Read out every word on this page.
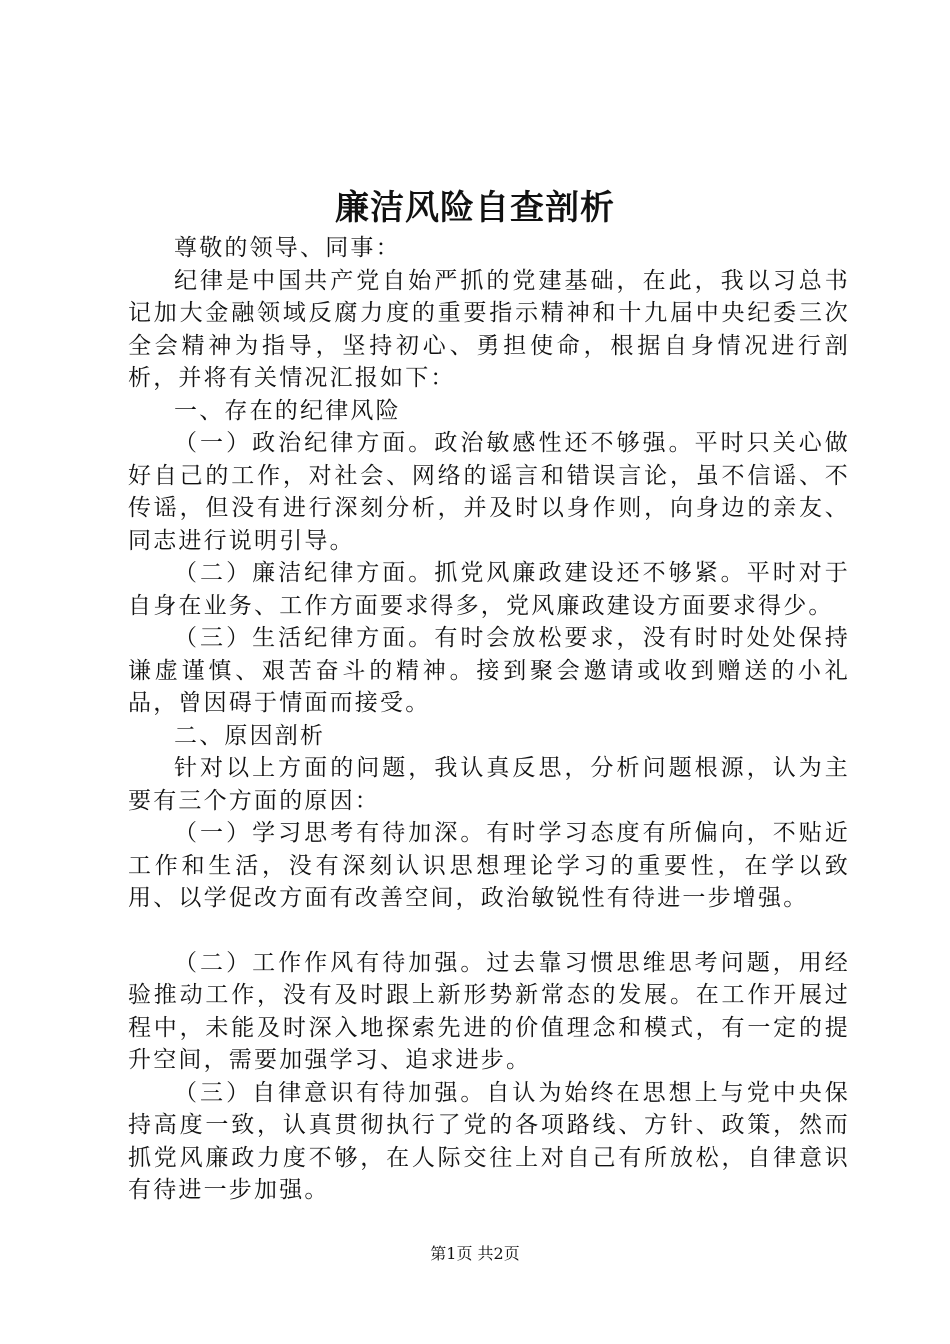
廉洁风险自查剖析

尊敬的领导、同事：

纪律是中国共产党自始严抓的党建基础，在此，我以习总书记加大金融领域反腐力度的重要指示精神和十九届中央纪委三次全会精神为指导，坚持初心、勇担使命，根据自身情况进行剖析，并将有关情况汇报如下：

一、存在的纪律风险

（一）政治纪律方面。政治敏感性还不够强。平时只关心做好自己的工作，对社会、网络的谣言和错误言论，虽不信谣、不传谣，但没有进行深刻分析，并及时以身作则，向身边的亲友、同志进行说明引导。

（二）廉洁纪律方面。抓党风廉政建设还不够紧。平时对于自身在业务、工作方面要求得多，党风廉政建设方面要求得少。

（三）生活纪律方面。有时会放松要求，没有时时处处保持谦虚谨慎、艰苦奋斗的精神。接到聚会邀请或收到赠送的小礼品，曾因碍于情面而接受。

二、原因剖析

针对以上方面的问题，我认真反思，分析问题根源，认为主要有三个方面的原因：

（一）学习思考有待加深。有时学习态度有所偏向，不贴近工作和生活，没有深刻认识思想理论学习的重要性，在学以致用、以学促改方面有改善空间，政治敏锐性有待进一步增强。

（二）工作作风有待加强。过去靠习惯思维思考问题，用经验推动工作，没有及时跟上新形势新常态的发展。在工作开展过程中，未能及时深入地探索先进的价值理念和模式，有一定的提升空间，需要加强学习、追求进步。

（三）自律意识有待加强。自认为始终在思想上与党中央保持高度一致，认真贯彻执行了党的各项路线、方针、政策，然而抓党风廉政力度不够，在人际交往上对自己有所放松，自律意识有待进一步加强。

第1页 共2页
